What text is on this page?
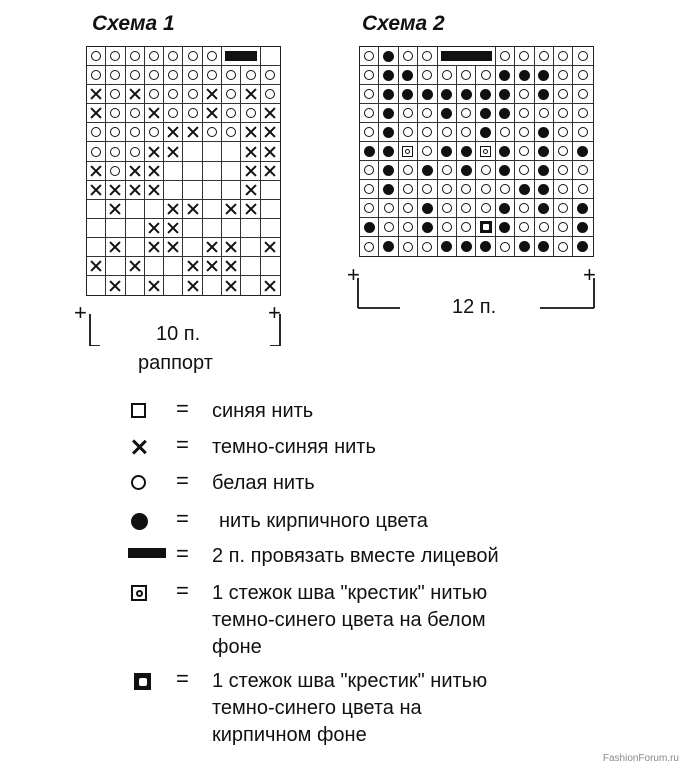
Схема 1
+	+
10 п.
раппорт
Схема 2
+	+
12 п.
= синяя нить
= темно-синяя нить
= белая нить
= нить кирпичного цвета
= 2 п. провязать вместе лицевой
= 1 стежок шва "крестик" нитью
темно-синего цвета на белом
фоне
= 1 стежок шва "крестик" нитью
темно-синего цвета на
кирпичном фоне
FashionForum.ru
